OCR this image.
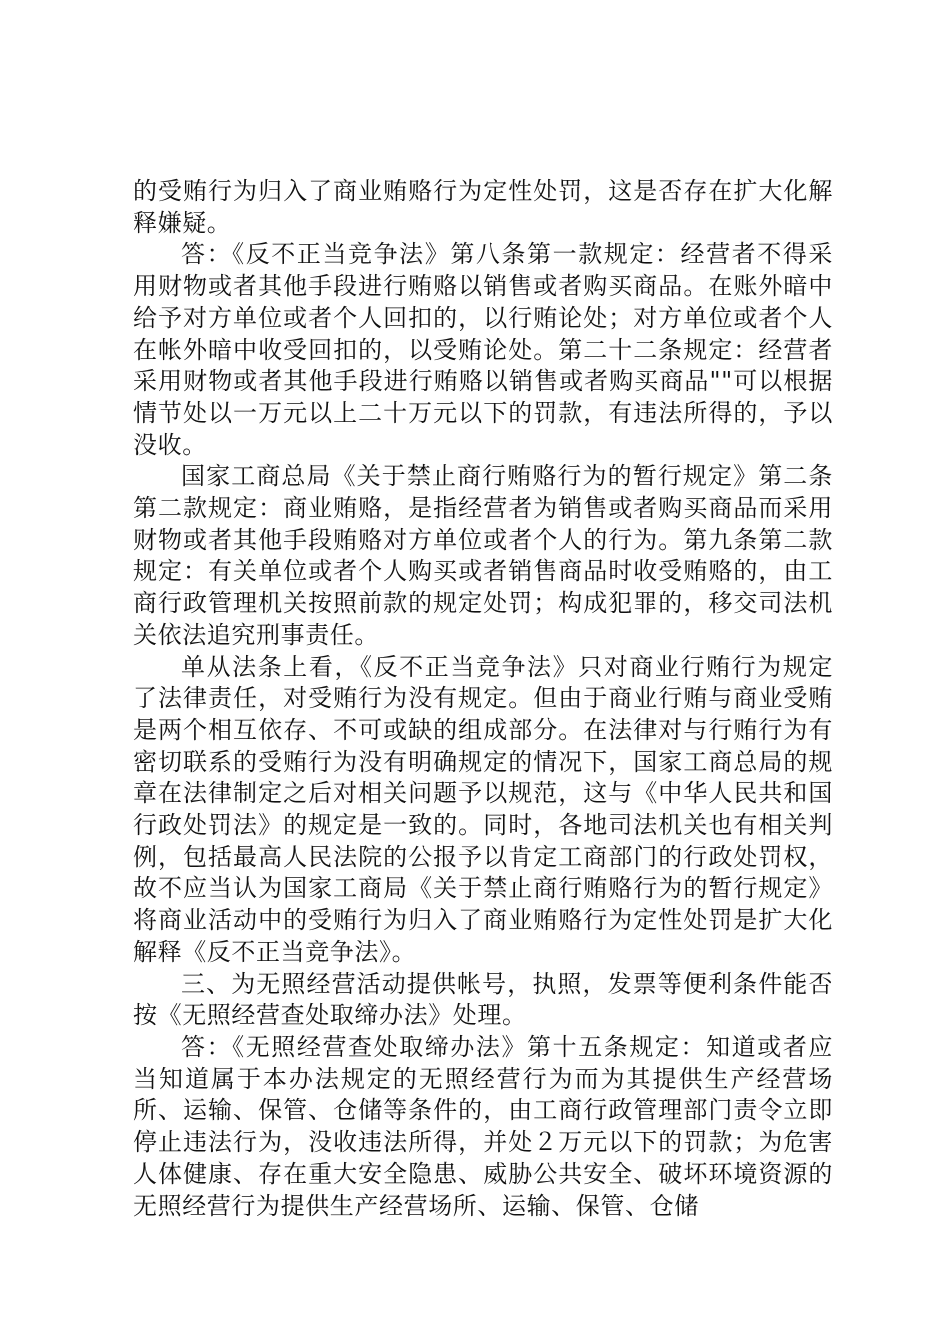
的受贿行为归入了商业贿赂行为定性处罚，这是否存在扩大化解释嫌疑。

答：《反不正当竞争法》第八条第一款规定：经营者不得采用财物或者其他手段进行贿赂以销售或者购买商品。在账外暗中给予对方单位或者个人回扣的，以行贿论处；对方单位或者个人在帐外暗中收受回扣的，以受贿论处。第二十二条规定：经营者采用财物或者其他手段进行贿赂以销售或者购买商品""可以根据情节处以一万元以上二十万元以下的罚款，有违法所得的，予以没收。

国家工商总局《关于禁止商行贿赂行为的暂行规定》第二条第二款规定：商业贿赂，是指经营者为销售或者购买商品而采用财物或者其他手段贿赂对方单位或者个人的行为。第九条第二款规定：有关单位或者个人购买或者销售商品时收受贿赂的，由工商行政管理机关按照前款的规定处罚；构成犯罪的，移交司法机关依法追究刑事责任。

单从法条上看，《反不正当竞争法》只对商业行贿行为规定了法律责任，对受贿行为没有规定。但由于商业行贿与商业受贿是两个相互依存、不可或缺的组成部分。在法律对与行贿行为有密切联系的受贿行为没有明确规定的情况下，国家工商总局的规章在法律制定之后对相关问题予以规范，这与《中华人民共和国行政处罚法》的规定是一致的。同时，各地司法机关也有相关判例，包括最高人民法院的公报予以肯定工商部门的行政处罚权，故不应当认为国家工商局《关于禁止商行贿赂行为的暂行规定》将商业活动中的受贿行为归入了商业贿赂行为定性处罚是扩大化解释《反不正当竞争法》。

三、为无照经营活动提供帐号，执照，发票等便利条件能否按《无照经营查处取缔办法》处理。

答：《无照经营查处取缔办法》第十五条规定：知道或者应当知道属于本办法规定的无照经营行为而为其提供生产经营场所、运输、保管、仓储等条件的，由工商行政管理部门责令立即停止违法行为，没收违法所得，并处２万元以下的罚款；为危害人体健康、存在重大安全隐患、威胁公共安全、破坏环境资源的无照经营行为提供生产经营场所、运输、保管、仓储
